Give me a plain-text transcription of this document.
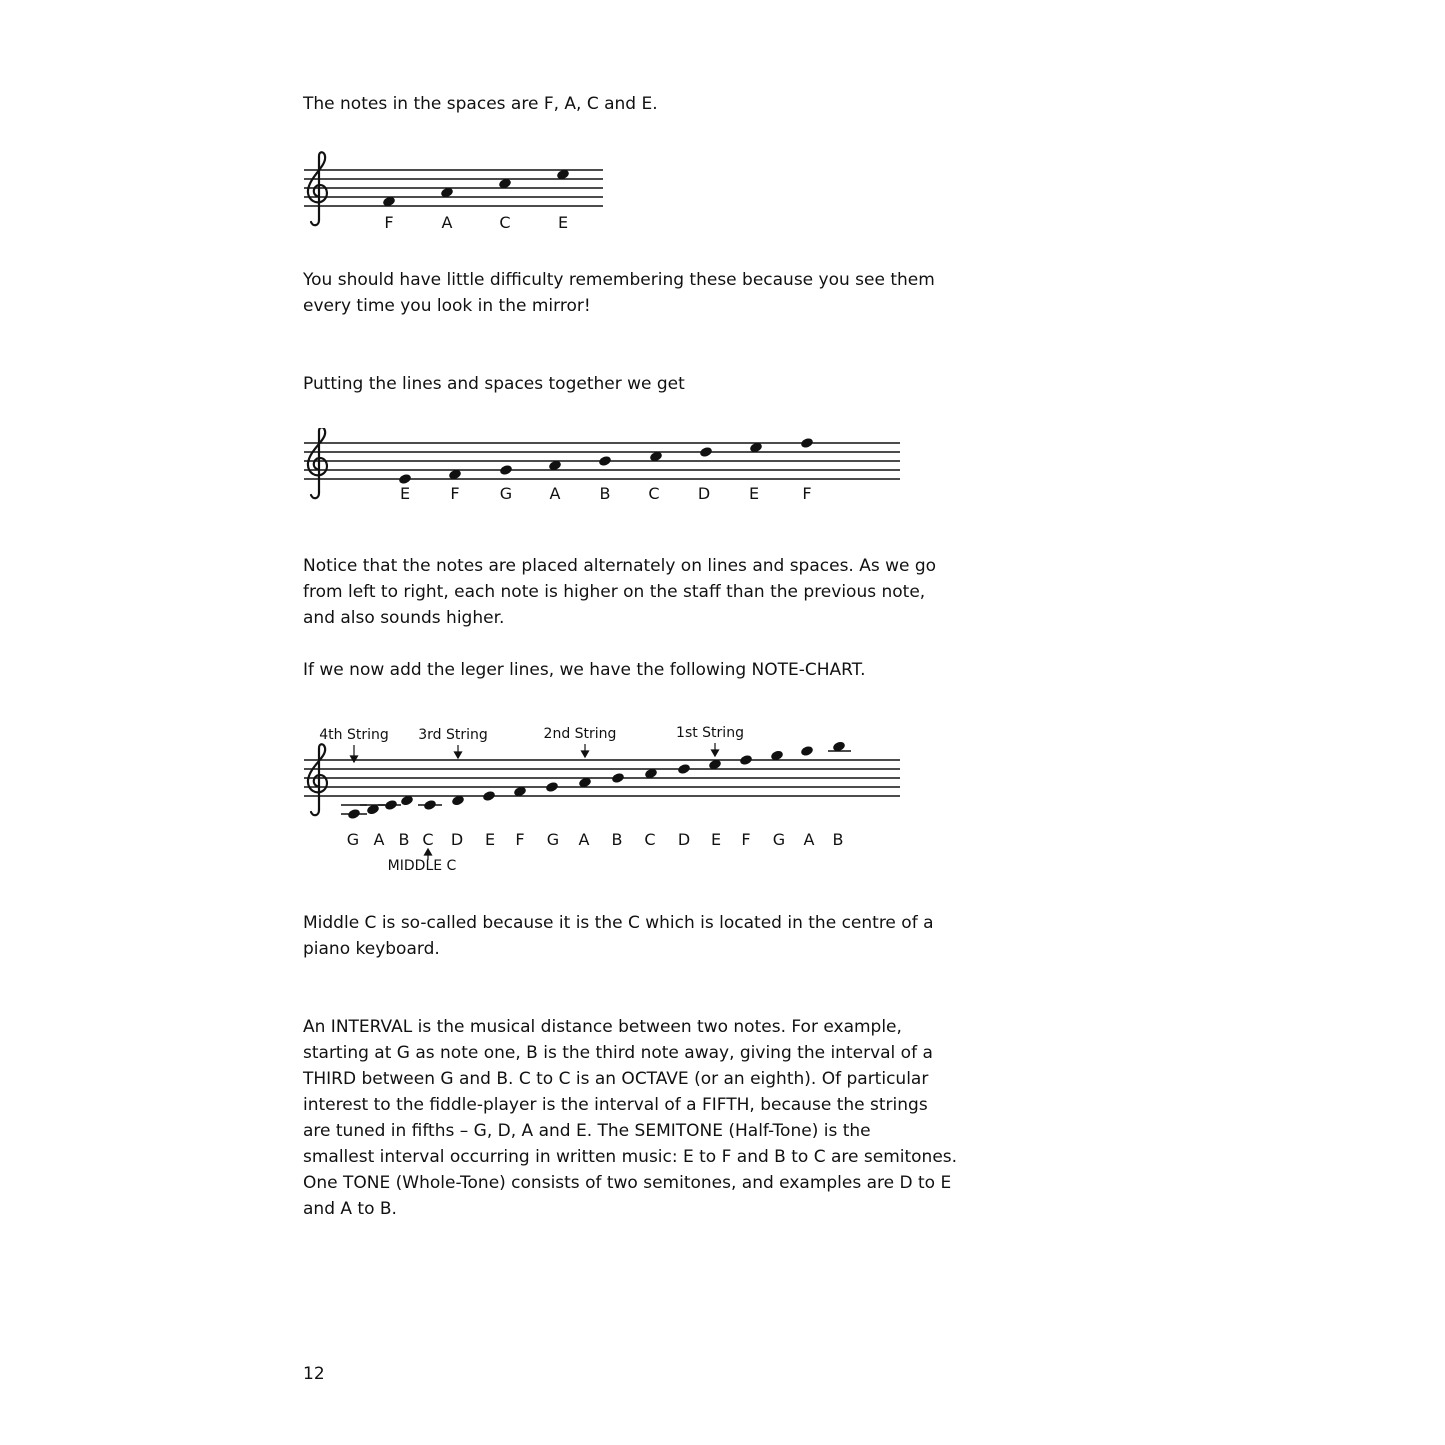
The notes in the spaces are F, A, C and E.

F	A	C	E

You should have little difficulty remembering these because you see them
every time you look in the mirror!

Putting the lines and spaces together we get

E	F	G A B C D E	F

Notice that the notes are placed alternately on lines and spaces. As we go
from left to right, each note is higher on the staff than the previous note,
and also sounds higher.

If we now add the leger lines, we have the following NOTE-CHART.

4th String 3rd String	2nd String	1st String
G A B C D E F G A B C D E F G A B
MIDDLE C

Middle C is so-called because it is the C which is located in the centre of a
piano keyboard.

An INTERVAL is the musical distance between two notes. For example,
starting at G as note one, B is the third note away, giving the interval of a
THIRD between G and B. C to C is an OCTAVE (or an eighth). Of particular
interest to the fiddle-player is the interval of a FIFTH, because the strings
are tuned in fifths – G, D, A and E. The SEMITONE (Half-Tone) is the
smallest interval occurring in written music: E to F and B to C are semitones.
One TONE (Whole-Tone) consists of two semitones, and examples are D to E
and A to B.

12
